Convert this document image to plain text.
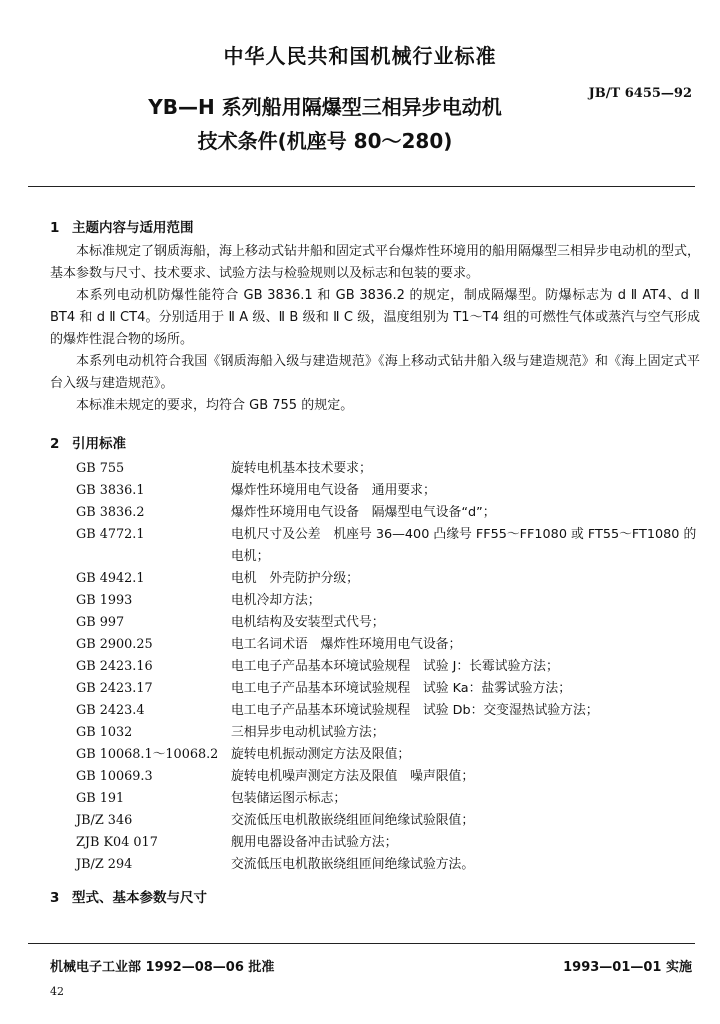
中华人民共和国机械行业标准
JB/T 6455—92
YB—H 系列船用隔爆型三相异步电动机
技术条件(机座号 80～280)
1 主题内容与适用范围
本标准规定了钢质海船，海上移动式钻井船和固定式平台爆炸性环境用的船用隔爆型三相异步电动机的型式，基本参数与尺寸、技术要求、试验方法与检验规则以及标志和包装的要求。
本系列电动机防爆性能符合 GB 3836.1 和 GB 3836.2 的规定，制成隔爆型。防爆标志为 d Ⅱ AT4、d Ⅱ BT4 和 d Ⅱ CT4。分别适用于 Ⅱ A 级、Ⅱ B 级和 Ⅱ C 级，温度组别为 T1～T4 组的可燃性气体或蒸汽与空气形成的爆炸性混合物的场所。
本系列电动机符合我国《钢质海船入级与建造规范》《海上移动式钻井船入级与建造规范》和《海上固定式平台入级与建造规范》。
本标准未规定的要求，均符合 GB 755 的规定。
2 引用标准
GB 755	旋转电机基本技术要求；
GB 3836.1	爆炸性环境用电气设备　通用要求；
GB 3836.2	爆炸性环境用电气设备　隔爆型电气设备“d”；
GB 4772.1	电机尺寸及公差　机座号 36—400 凸缘号 FF55～FF1080 或 FT55～FT1080 的电机；
GB 4942.1	电机　外壳防护分级；
GB 1993	电机冷却方法；
GB 997	电机结构及安装型式代号；
GB 2900.25	电工名词术语　爆炸性环境用电气设备；
GB 2423.16	电工电子产品基本环境试验规程　试验 J：长霉试验方法；
GB 2423.17	电工电子产品基本环境试验规程　试验 Ka：盐雾试验方法；
GB 2423.4	电工电子产品基本环境试验规程　试验 Db：交变湿热试验方法；
GB 1032	三相异步电动机试验方法；
GB 10068.1～10068.2 旋转电机振动测定方法及限值；
GB 10069.3	旋转电机噪声测定方法及限值　噪声限值；
GB 191	包装储运图示标志；
JB/Z 346	交流低压电机散嵌绕组匝间绝缘试验限值；
ZJB K04 017	舰用电器设备冲击试验方法；
JB/Z 294	交流低压电机散嵌绕组匝间绝缘试验方法。
3 型式、基本参数与尺寸
机械电子工业部 1992—08—06 批准	1993—01—01 实施
42
